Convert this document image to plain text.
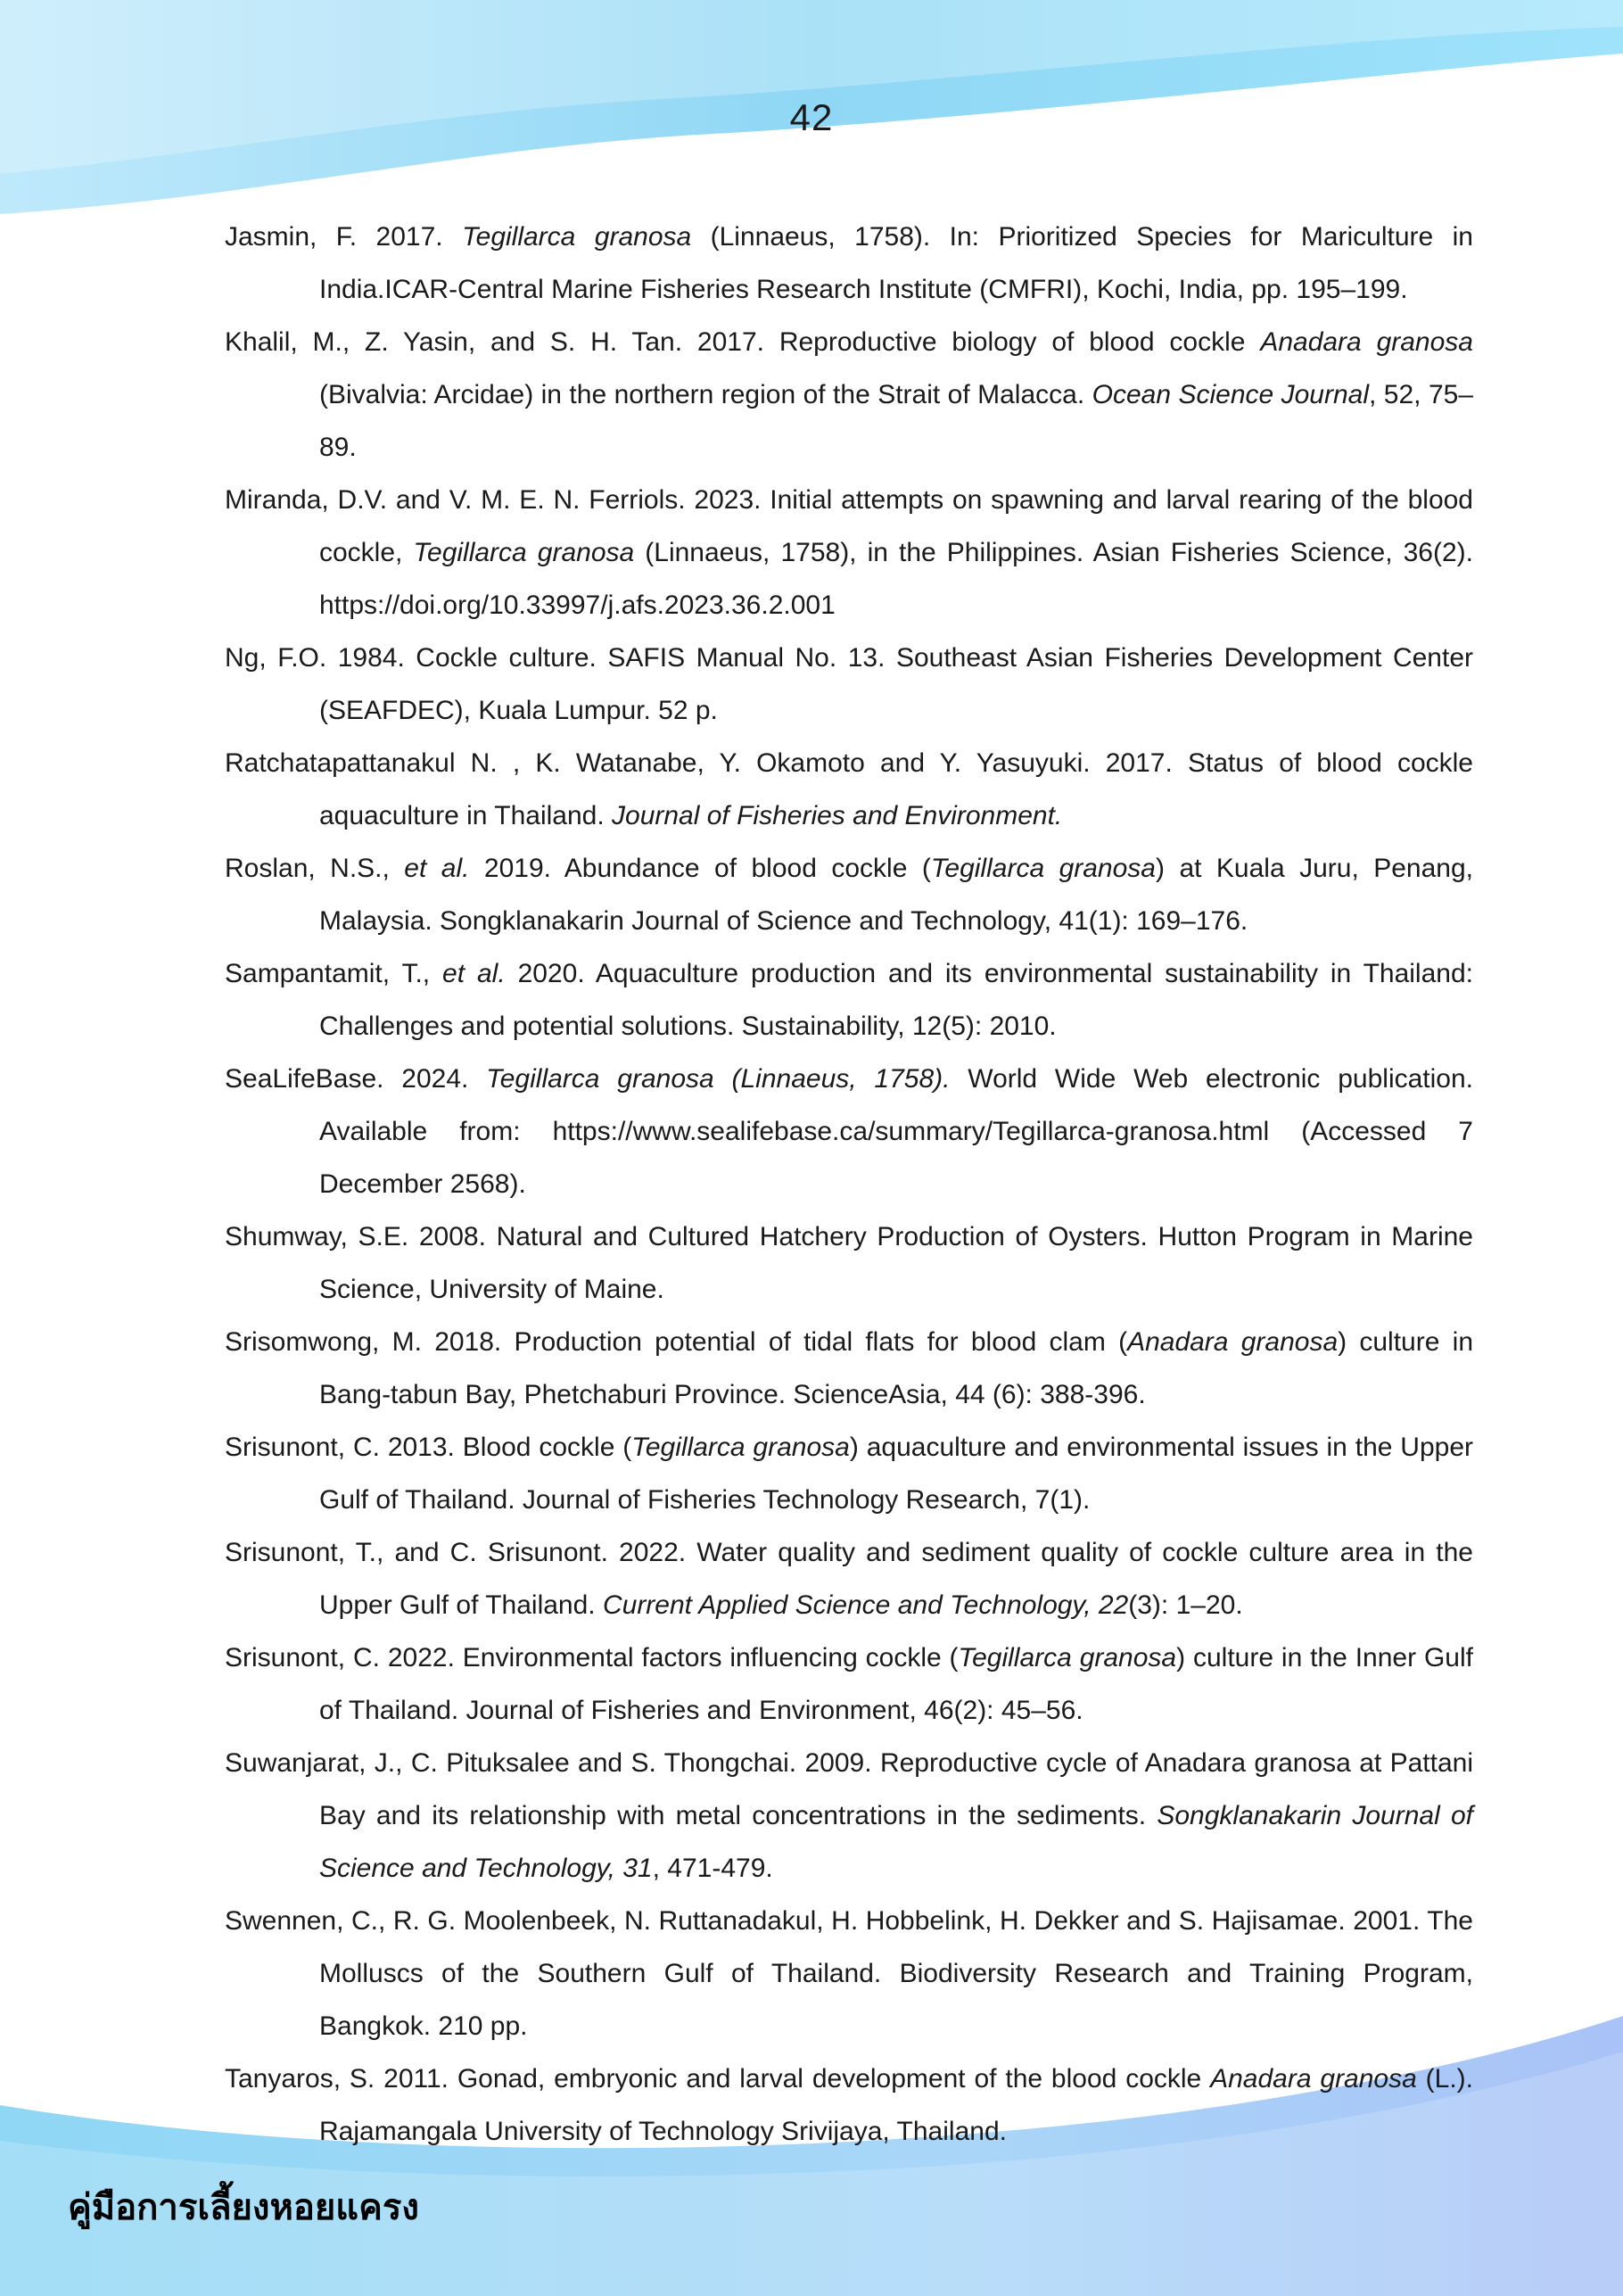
42

Jasmin, F. 2017. Tegillarca granosa (Linnaeus, 1758). In: Prioritized Species for Mariculture in India.ICAR-Central Marine Fisheries Research Institute (CMFRI), Kochi, India, pp. 195–199.

Khalil, M., Z. Yasin, and S. H. Tan. 2017. Reproductive biology of blood cockle Anadara granosa (Bivalvia: Arcidae) in the northern region of the Strait of Malacca. Ocean Science Journal, 52, 75–89.

Miranda, D.V. and V. M. E. N. Ferriols. 2023. Initial attempts on spawning and larval rearing of the blood cockle, Tegillarca granosa (Linnaeus, 1758), in the Philippines. Asian Fisheries Science, 36(2). https://doi.org/10.33997/j.afs.2023.36.2.001

Ng, F.O. 1984. Cockle culture. SAFIS Manual No. 13. Southeast Asian Fisheries Development Center (SEAFDEC), Kuala Lumpur. 52 p.

Ratchatapattanakul N. , K. Watanabe, Y. Okamoto and Y. Yasuyuki. 2017. Status of blood cockle aquaculture in Thailand. Journal of Fisheries and Environment.

Roslan, N.S., et al. 2019. Abundance of blood cockle (Tegillarca granosa) at Kuala Juru, Penang, Malaysia. Songklanakarin Journal of Science and Technology, 41(1): 169–176.

Sampantamit, T., et al. 2020. Aquaculture production and its environmental sustainability in Thailand: Challenges and potential solutions. Sustainability, 12(5): 2010.

SeaLifeBase. 2024. Tegillarca granosa (Linnaeus, 1758). World Wide Web electronic publication. Available from: https://www.sealifebase.ca/summary/Tegillarca-granosa.html (Accessed 7 December 2568).

Shumway, S.E. 2008. Natural and Cultured Hatchery Production of Oysters. Hutton Program in Marine Science, University of Maine.

Srisomwong, M. 2018. Production potential of tidal flats for blood clam (Anadara granosa) culture in Bang-tabun Bay, Phetchaburi Province. ScienceAsia, 44 (6): 388-396.

Srisunont, C. 2013. Blood cockle (Tegillarca granosa) aquaculture and environmental issues in the Upper Gulf of Thailand. Journal of Fisheries Technology Research, 7(1).

Srisunont, T., and C. Srisunont. 2022. Water quality and sediment quality of cockle culture area in the Upper Gulf of Thailand. Current Applied Science and Technology, 22(3): 1–20.

Srisunont, C. 2022. Environmental factors influencing cockle (Tegillarca granosa) culture in the Inner Gulf of Thailand. Journal of Fisheries and Environment, 46(2): 45–56.

Suwanjarat, J., C. Pituksalee and S. Thongchai. 2009. Reproductive cycle of Anadara granosa at Pattani Bay and its relationship with metal concentrations in the sediments. Songklanakarin Journal of Science and Technology, 31, 471-479.

Swennen, C., R. G. Moolenbeek, N. Ruttanadakul, H. Hobbelink, H. Dekker and S. Hajisamae. 2001. The Molluscs of the Southern Gulf of Thailand. Biodiversity Research and Training Program, Bangkok. 210 pp.

Tanyaros, S. 2011. Gonad, embryonic and larval development of the blood cockle Anadara granosa (L.). Rajamangala University of Technology Srivijaya, Thailand.

คู่มือการเลี้ยงหอยแครง
